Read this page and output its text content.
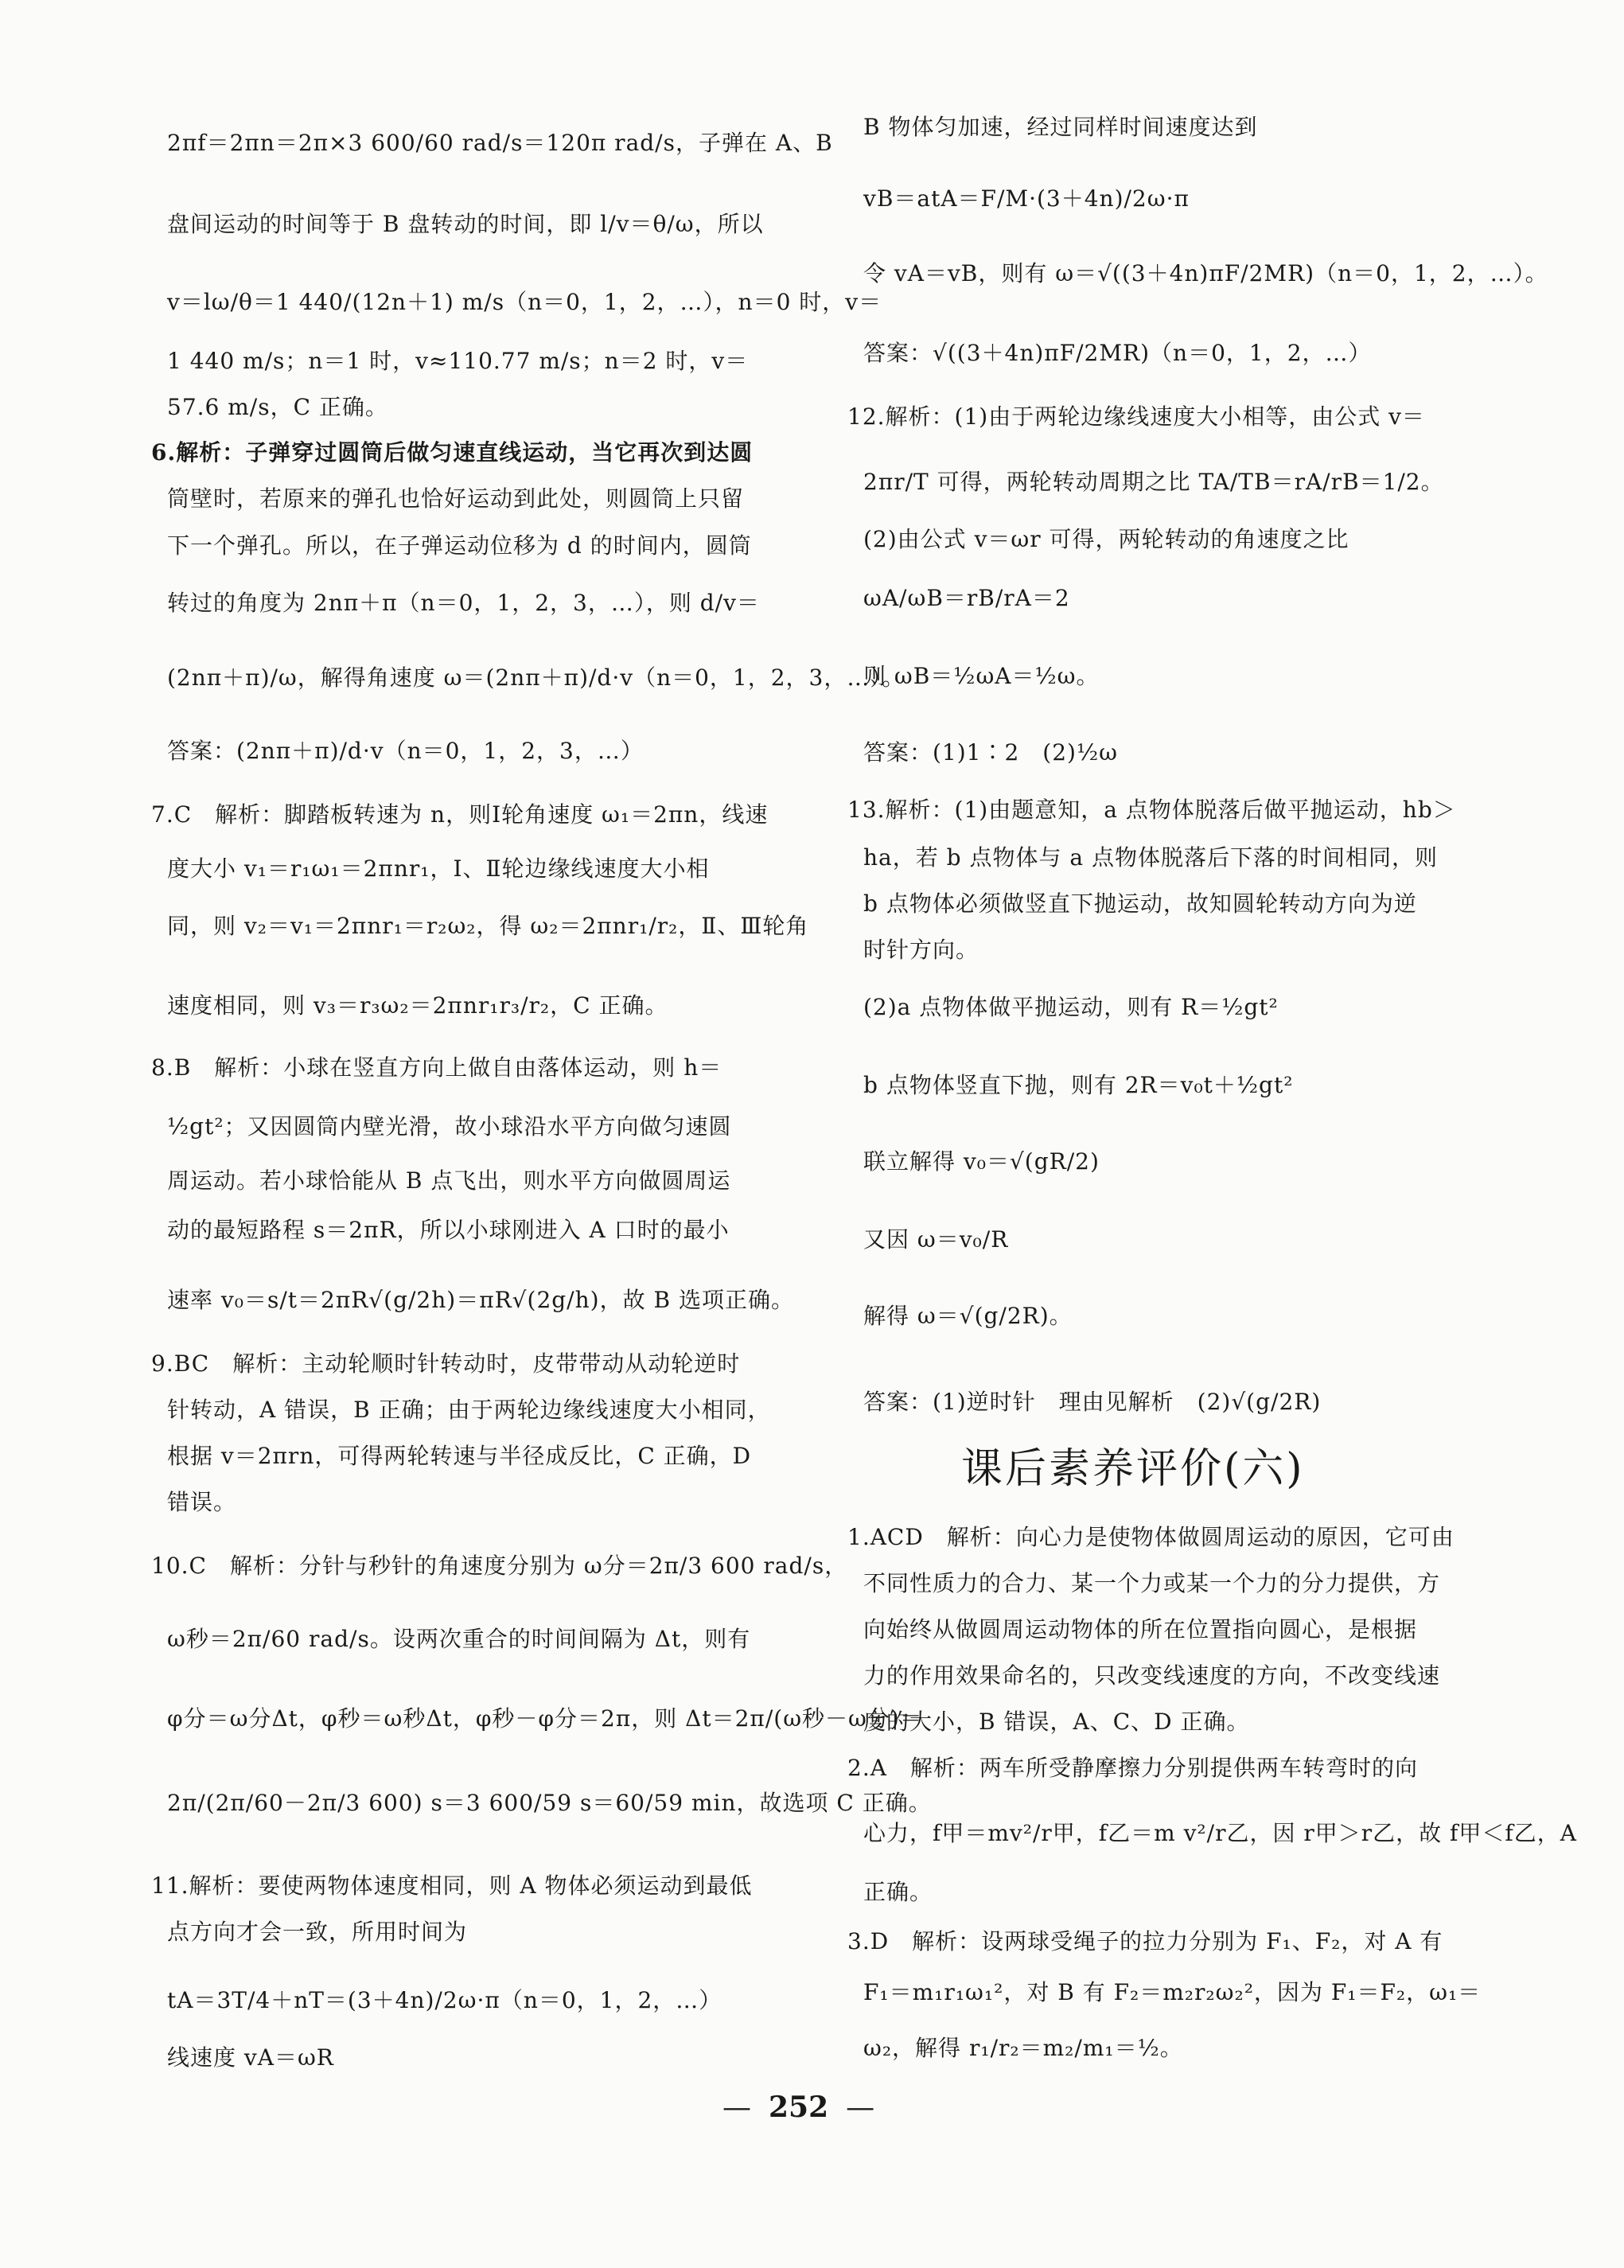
2πf＝2πn＝2π×3 600/60 rad/s＝120π rad/s，子弹在 A、B
盘间运动的时间等于 B 盘转动的时间，即 l/v＝θ/ω，所以
v＝lω/θ＝1 440/(12n＋1) m/s（n＝0，1，2，…），n＝0 时，v＝
1 440 m/s；n＝1 时，v≈110.77 m/s；n＝2 时，v＝
57.6 m/s，C 正确。
6.解析：子弹穿过圆筒后做匀速直线运动，当它再次到达圆
筒壁时，若原来的弹孔也恰好运动到此处，则圆筒上只留
下一个弹孔。所以，在子弹运动位移为 d 的时间内，圆筒
转过的角度为 2nπ＋π（n＝0，1，2，3，…），则 d/v＝
(2nπ＋π)/ω，解得角速度 ω＝(2nπ＋π)/d·v（n＝0，1，2，3，…）。
答案：(2nπ＋π)/d·v（n＝0，1，2，3，…）
7.C　解析：脚踏板转速为 n，则Ⅰ轮角速度 ω₁＝2πn，线速
度大小 v₁＝r₁ω₁＝2πnr₁，Ⅰ、Ⅱ轮边缘线速度大小相
同，则 v₂＝v₁＝2πnr₁＝r₂ω₂，得 ω₂＝2πnr₁/r₂，Ⅱ、Ⅲ轮角
速度相同，则 v₃＝r₃ω₂＝2πnr₁r₃/r₂，C 正确。
8.B　解析：小球在竖直方向上做自由落体运动，则 h＝
½gt²；又因圆筒内壁光滑，故小球沿水平方向做匀速圆
周运动。若小球恰能从 B 点飞出，则水平方向做圆周运
动的最短路程 s＝2πR，所以小球刚进入 A 口时的最小
速率 v₀＝s/t＝2πR√(g/2h)＝πR√(2g/h)，故 B 选项正确。
9.BC　解析：主动轮顺时针转动时，皮带带动从动轮逆时
针转动，A 错误，B 正确；由于两轮边缘线速度大小相同，
根据 v＝2πrn，可得两轮转速与半径成反比，C 正确，D
错误。
10.C　解析：分针与秒针的角速度分别为 ω分＝2π/3 600 rad/s，
ω秒＝2π/60 rad/s。设两次重合的时间间隔为 Δt，则有
φ分＝ω分Δt，φ秒＝ω秒Δt，φ秒－φ分＝2π，则 Δt＝2π/(ω秒－ω分)＝
2π/(2π/60－2π/3 600) s＝3 600/59 s＝60/59 min，故选项 C 正确。
11.解析：要使两物体速度相同，则 A 物体必须运动到最低
点方向才会一致，所用时间为
tA＝3T/4＋nT＝(3＋4n)/2ω·π（n＝0，1，2，…）
线速度 vA＝ωR
B 物体匀加速，经过同样时间速度达到
vB＝atA＝F/M·(3＋4n)/2ω·π
令 vA＝vB，则有 ω＝√((3＋4n)πF/2MR)（n＝0，1，2，…）。
答案：√((3＋4n)πF/2MR)（n＝0，1，2，…）
12.解析：(1)由于两轮边缘线速度大小相等，由公式 v＝
2πr/T 可得，两轮转动周期之比 TA/TB＝rA/rB＝1/2。
(2)由公式 v＝ωr 可得，两轮转动的角速度之比
ωA/ωB＝rB/rA＝2
则 ωB＝½ωA＝½ω。
答案：(1)1∶2　(2)½ω
13.解析：(1)由题意知，a 点物体脱落后做平抛运动，hb＞
ha，若 b 点物体与 a 点物体脱落后下落的时间相同，则
b 点物体必须做竖直下抛运动，故知圆轮转动方向为逆
时针方向。
(2)a 点物体做平抛运动，则有 R＝½gt²
b 点物体竖直下抛，则有 2R＝v₀t＋½gt²
联立解得 v₀＝√(gR/2)
又因 ω＝v₀/R
解得 ω＝√(g/2R)。
答案：(1)逆时针　理由见解析　(2)√(g/2R)
1.ACD　解析：向心力是使物体做圆周运动的原因，它可由
不同性质力的合力、某一个力或某一个力的分力提供，方
向始终从做圆周运动物体的所在位置指向圆心，是根据
力的作用效果命名的，只改变线速度的方向，不改变线速
度的大小，B 错误，A、C、D 正确。
2.A　解析：两车所受静摩擦力分别提供两车转弯时的向
心力，f甲＝mv²/r甲，f乙＝m v²/r乙，因 r甲＞r乙，故 f甲＜f乙，A
正确。
3.D　解析：设两球受绳子的拉力分别为 F₁、F₂，对 A 有
F₁＝m₁r₁ω₁²，对 B 有 F₂＝m₂r₂ω₂²，因为 F₁＝F₂，ω₁＝
ω₂，解得 r₁/r₂＝m₂/m₁＝½。
课后素养评价(六)
— 252 —
